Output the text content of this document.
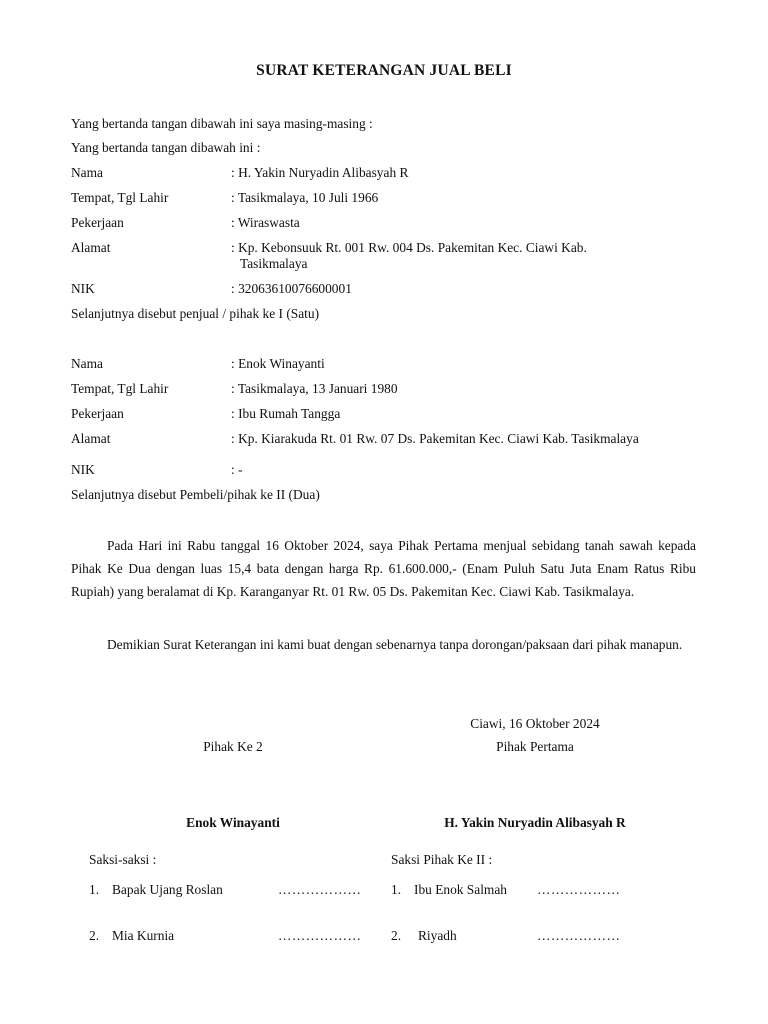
SURAT KETERANGAN JUAL BELI
Yang bertanda tangan dibawah ini saya masing-masing :
Yang bertanda tangan dibawah ini :
Nama	: H. Yakin Nuryadin Alibasyah R
Tempat, Tgl Lahir	: Tasikmalaya, 10 Juli 1966
Pekerjaan	: Wiraswasta
Alamat	: Kp. Kebonsuuk Rt. 001 Rw. 004 Ds. Pakemitan Kec. Ciawi Kab.
Tasikmalaya
NIK	: 32063610076600001
Selanjutnya disebut penjual / pihak ke I (Satu)
Nama	: Enok Winayanti
Tempat, Tgl Lahir	: Tasikmalaya, 13 Januari 1980
Pekerjaan	: Ibu Rumah Tangga
Alamat	: Kp. Kiarakuda Rt. 01 Rw. 07 Ds. Pakemitan Kec. Ciawi Kab. Tasikmalaya
NIK	: -
Selanjutnya disebut Pembeli/pihak ke II (Dua)
Pada Hari ini Rabu tanggal 16 Oktober 2024, saya Pihak Pertama menjual sebidang tanah sawah kepada Pihak Ke Dua dengan luas 15,4 bata dengan harga Rp. 61.600.000,- (Enam Puluh Satu Juta Enam Ratus Ribu Rupiah) yang beralamat di Kp. Karanganyar Rt. 01 Rw. 05 Ds. Pakemitan Kec. Ciawi Kab. Tasikmalaya.
Demikian Surat Keterangan ini kami buat dengan sebenarnya tanpa dorongan/paksaan dari pihak manapun.
Ciawi, 16 Oktober 2024
Pihak Ke 2	Pihak Pertama
Enok Winayanti	H. Yakin Nuryadin Alibasyah R
Saksi-saksi :	Saksi Pihak Ke II :
1. Bapak Ujang Roslan	……………… 1. Ibu Enok Salmah ………………
2. Mia Kurnia	……………… 2. Riyadh	………………
